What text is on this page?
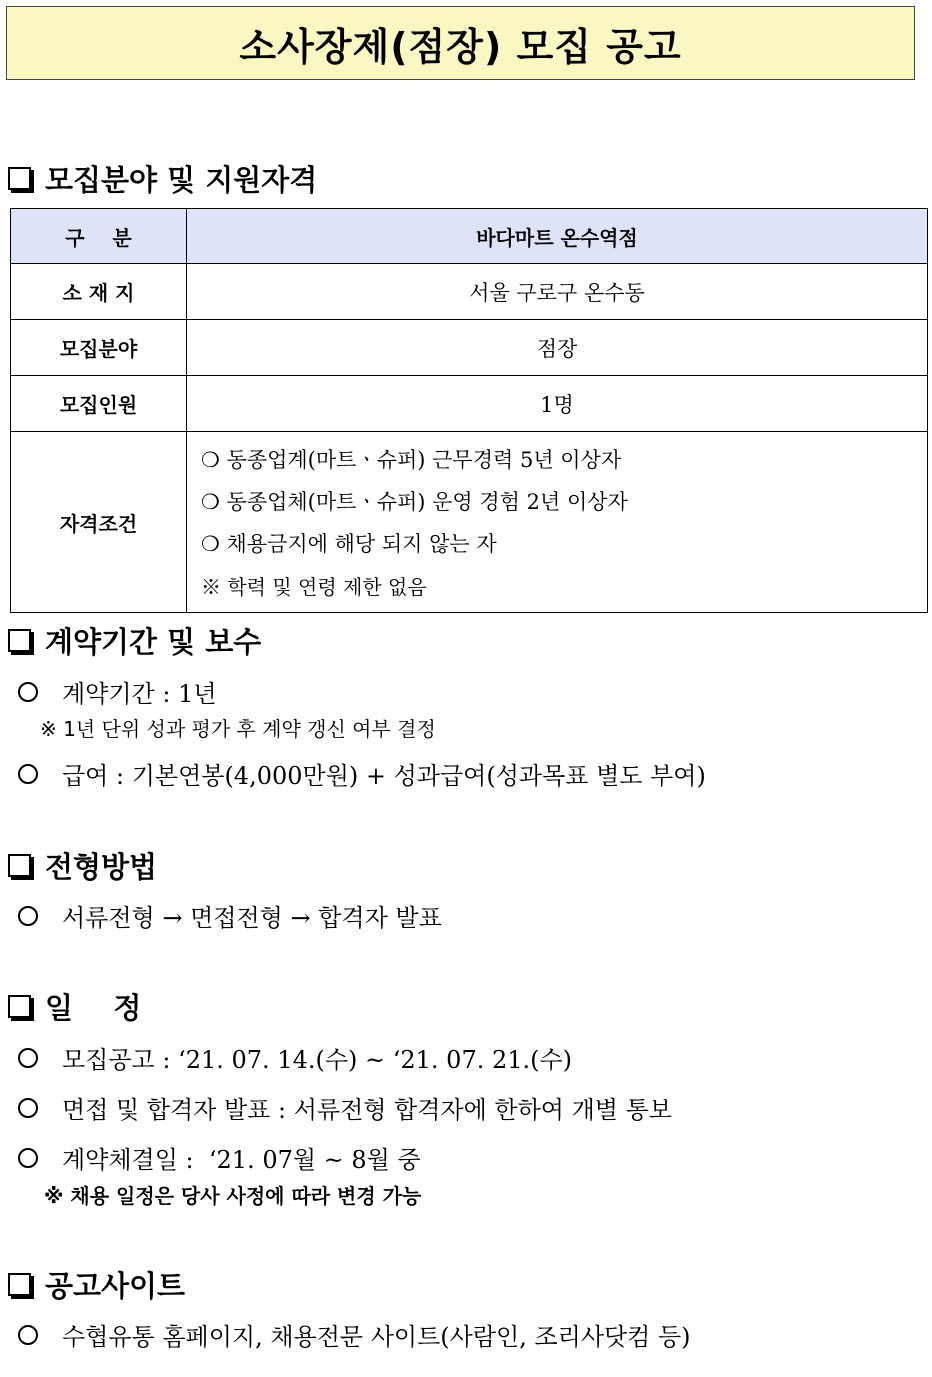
소사장제(점장) 모집 공고
모집분야 및 지원자격
구    분	바다마트 온수역점
소 재 지	서울 구로구 온수동
모집분야	점장
모집인원	1명
자격조건	❍ 동종업계(마트ㆍ슈퍼) 근무경력 5년 이상자
❍ 동종업체(마트ㆍ슈퍼) 운영 경험 2년 이상자
❍ 채용금지에 해당 되지 않는 자
※ 학력 및 연령 제한 없음
계약기간 및 보수
계약기간 : 1년
※ 1년 단위 성과 평가 후 계약 갱신 여부 결정
급여 : 기본연봉(4,000만원) + 성과급여(성과목표 별도 부여)
전형방법
서류전형 → 면접전형 → 합격자 발표
일    정
모집공고 : ‘21. 07. 14.(수) ~ ‘21. 07. 21.(수)
면접 및 합격자 발표 : 서류전형 합격자에 한하여 개별 통보
계약체결일 :  ‘21. 07월 ~ 8월 중
※ 채용 일정은 당사 사정에 따라 변경 가능
공고사이트
수협유통 홈페이지, 채용전문 사이트(사람인, 조리사닷컴 등)
